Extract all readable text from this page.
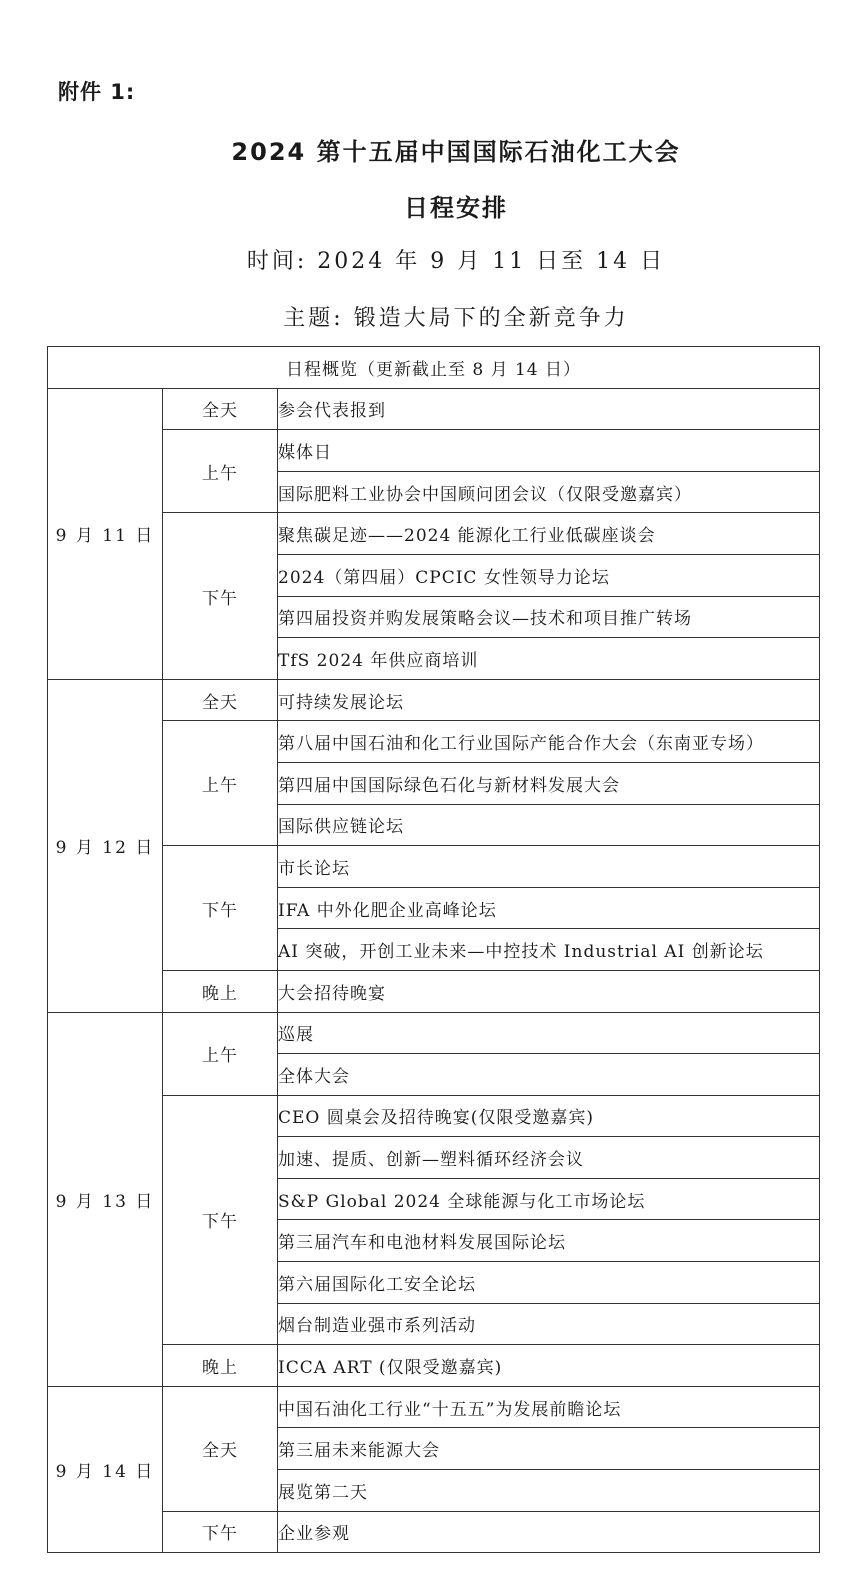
附件 1:
2024 第十五届中国国际石油化工大会
日程安排
时间: 2024 年 9 月 11 日至 14 日
主题: 锻造大局下的全新竞争力
日程概览（更新截止至 8 月 14 日）		
9 月 11 日	全天	参会代表报到
	上午	媒体日
		国际肥料工业协会中国顾问团会议（仅限受邀嘉宾）
	下午	聚焦碳足迹——2024 能源化工行业低碳座谈会
		2024（第四届）CPCIC 女性领导力论坛
		第四届投资并购发展策略会议—技术和项目推广转场
		TfS 2024 年供应商培训
9 月 12 日	全天	可持续发展论坛
	上午	第八届中国石油和化工行业国际产能合作大会（东南亚专场）
		第四届中国国际绿色石化与新材料发展大会
		国际供应链论坛
	下午	市长论坛
		IFA 中外化肥企业高峰论坛
		AI 突破，开创工业未来—中控技术 Industrial AI 创新论坛
	晚上	大会招待晚宴
9 月 13 日	上午	巡展
		全体大会
	下午	CEO 圆桌会及招待晚宴(仅限受邀嘉宾)
		加速、提质、创新—塑料循环经济会议
		S&P Global 2024 全球能源与化工市场论坛
		第三届汽车和电池材料发展国际论坛
		第六届国际化工安全论坛
		烟台制造业强市系列活动
	晚上	ICCA ART (仅限受邀嘉宾)
9 月 14 日	全天	中国石油化工行业“十五五”为发展前瞻论坛
		第三届未来能源大会
		展览第二天
	下午	企业参观
